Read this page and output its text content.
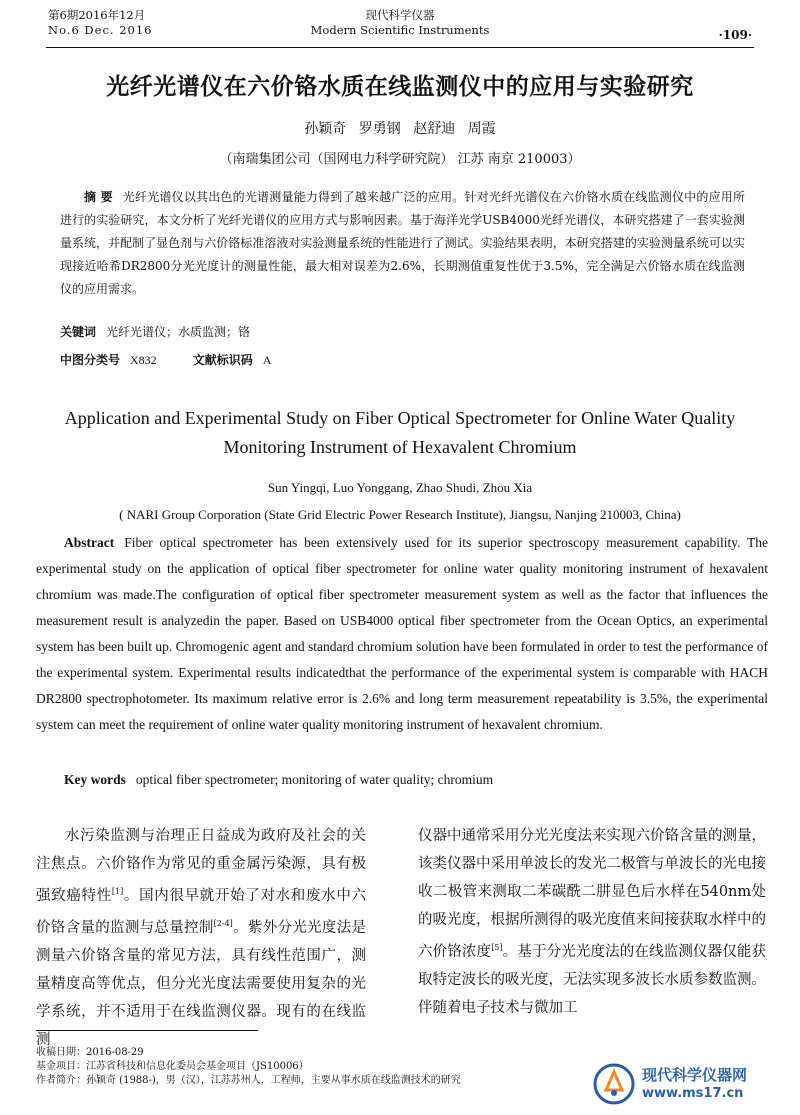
第6期2016年12月
No.6 Dec. 2016
现代科学仪器
Modern Scientific Instruments	·109·
光纤光谱仪在六价铬水质在线监测仪中的应用与实验研究
孙颖奇 罗勇钢 赵舒迪 周霞
（南瑞集团公司（国网电力科学研究院） 江苏 南京 210003）
摘 要 光纤光谱仪以其出色的光谱测量能力得到了越来越广泛的应用。针对光纤光谱仪在六价铬水质在线监测仪中的应用所进行的实验研究，本文分析了光纤光谱仪的应用方式与影响因素。基于海洋光学USB4000光纤光谱仪，本研究搭建了一套实验测量系统，并配制了显色剂与六价铬标准溶液对实验测量系统的性能进行了测试。实验结果表明，本研究搭建的实验测量系统可以实现接近哈希DR2800分光光度计的测量性能，最大相对误差为2.6%，长期测值重复性优于3.5%，完全满足六价铬水质在线监测仪的应用需求。
关键词 光纤光谱仪；水质监测；铬
中图分类号 X832	文献标识码 A
Application and Experimental Study on Fiber Optical Spectrometer for Online Water Quality Monitoring Instrument of Hexavalent Chromium
Sun Yingqi, Luo Yonggang, Zhao Shudi, Zhou Xia
( NARI Group Corporation (State Grid Electric Power Research Institute), Jiangsu, Nanjing 210003, China)
Abstract Fiber optical spectrometer has been extensively used for its superior spectroscopy measurement capability. The experimental study on the application of optical fiber spectrometer for online water quality monitoring instrument of hexavalent chromium was made.The configuration of optical fiber spectrometer measurement system as well as the factor that influences the measurement result is analyzedin the paper. Based on USB4000 optical fiber spectrometer from the Ocean Optics, an experimental system has been built up. Chromogenic agent and standard chromium solution have been formulated in order to test the performance of the experimental system. Experimental results indicatedthat the performance of the experimental system is comparable with HACH DR2800 spectrophotometer. Its maximum relative error is 2.6% and long term measurement repeatability is 3.5%, the experimental system can meet the requirement of online water quality monitoring instrument of hexavalent chromium.
Key words optical fiber spectrometer; monitoring of water quality; chromium
水污染监测与治理正日益成为政府及社会的关注焦点。六价铬作为常见的重金属污染源，具有极强致癌特性[1]。国内很早就开始了对水和废水中六价铬含量的监测与总量控制[2-4]。紫外分光光度法是测量六价铬含量的常见方法，具有线性范围广，测量精度高等优点，但分光光度法需要使用复杂的光学系统，并不适用于在线监测仪器。现有的在线监测
仪器中通常采用分光光度法来实现六价铬含量的测量，该类仪器中采用单波长的发光二极管与单波长的光电接收二极管来测取二苯碳酰二肼显色后水样在540nm处的吸光度，根据所测得的吸光度值来间接获取水样中的六价铬浓度[5]。基于分光光度法的在线监测仪器仅能获取特定波长的吸光度，无法实现多波长水质参数监测。伴随着电子技术与微加工
收稿日期：2016-08-29
基金项目：江苏省科技和信息化委员会基金项目（JS10006）
作者简介：孙颖奇 (1988-)，男（汉），江苏苏州人，工程师，主要从事水质在线监测技术的研究	现代科学仪器网
www.ms17.cn
